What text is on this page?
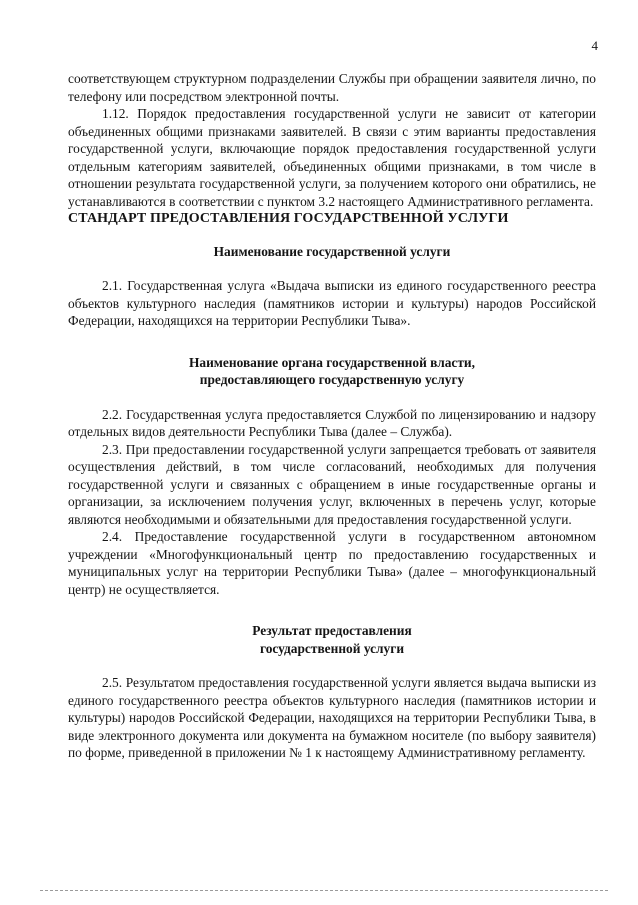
4

соответствующем структурном подразделении Службы при обращении заявителя лично, по телефону или посредством электронной почты.

1.12. Порядок предоставления государственной услуги не зависит от категории объединенных общими признаками заявителей. В связи с этим варианты предоставления государственной услуги, включающие порядок предоставления государственной услуги отдельным категориям заявителей, объединенных общими признаками, в том числе в отношении результата государственной услуги, за получением которого они обратились, не устанавливаются в соответствии с пунктом 3.2 настоящего Административного регламента.

СТАНДАРТ ПРЕДОСТАВЛЕНИЯ ГОСУДАРСТВЕННОЙ УСЛУГИ

Наименование государственной услуги

2.1. Государственная услуга «Выдача выписки из единого государственного реестра объектов культурного наследия (памятников истории и культуры) народов Российской Федерации, находящихся на территории Республики Тыва».

Наименование органа государственной власти,
предоставляющего государственную услугу

2.2. Государственная услуга предоставляется Службой по лицензированию и надзору отдельных видов деятельности Республики Тыва (далее – Служба).

2.3. При предоставлении государственной услуги запрещается требовать от заявителя осуществления действий, в том числе согласований, необходимых для получения государственной услуги и связанных с обращением в иные государственные органы и организации, за исключением получения услуг, включенных в перечень услуг, которые являются необходимыми и обязательными для предоставления государственной услуги.

2.4. Предоставление государственной услуги в государственном автономном учреждении «Многофункциональный центр по предоставлению государственных и муниципальных услуг на территории Республики Тыва» (далее – многофункциональный центр) не осуществляется.

Результат предоставления
государственной услуги

2.5. Результатом предоставления государственной услуги является выдача выписки из единого государственного реестра объектов культурного наследия (памятников истории и культуры) народов Российской Федерации, находящихся на территории Республики Тыва, в виде электронного документа или документа на бумажном носителе (по выбору заявителя) по форме, приведенной в приложении № 1 к настоящему Административному регламенту.
